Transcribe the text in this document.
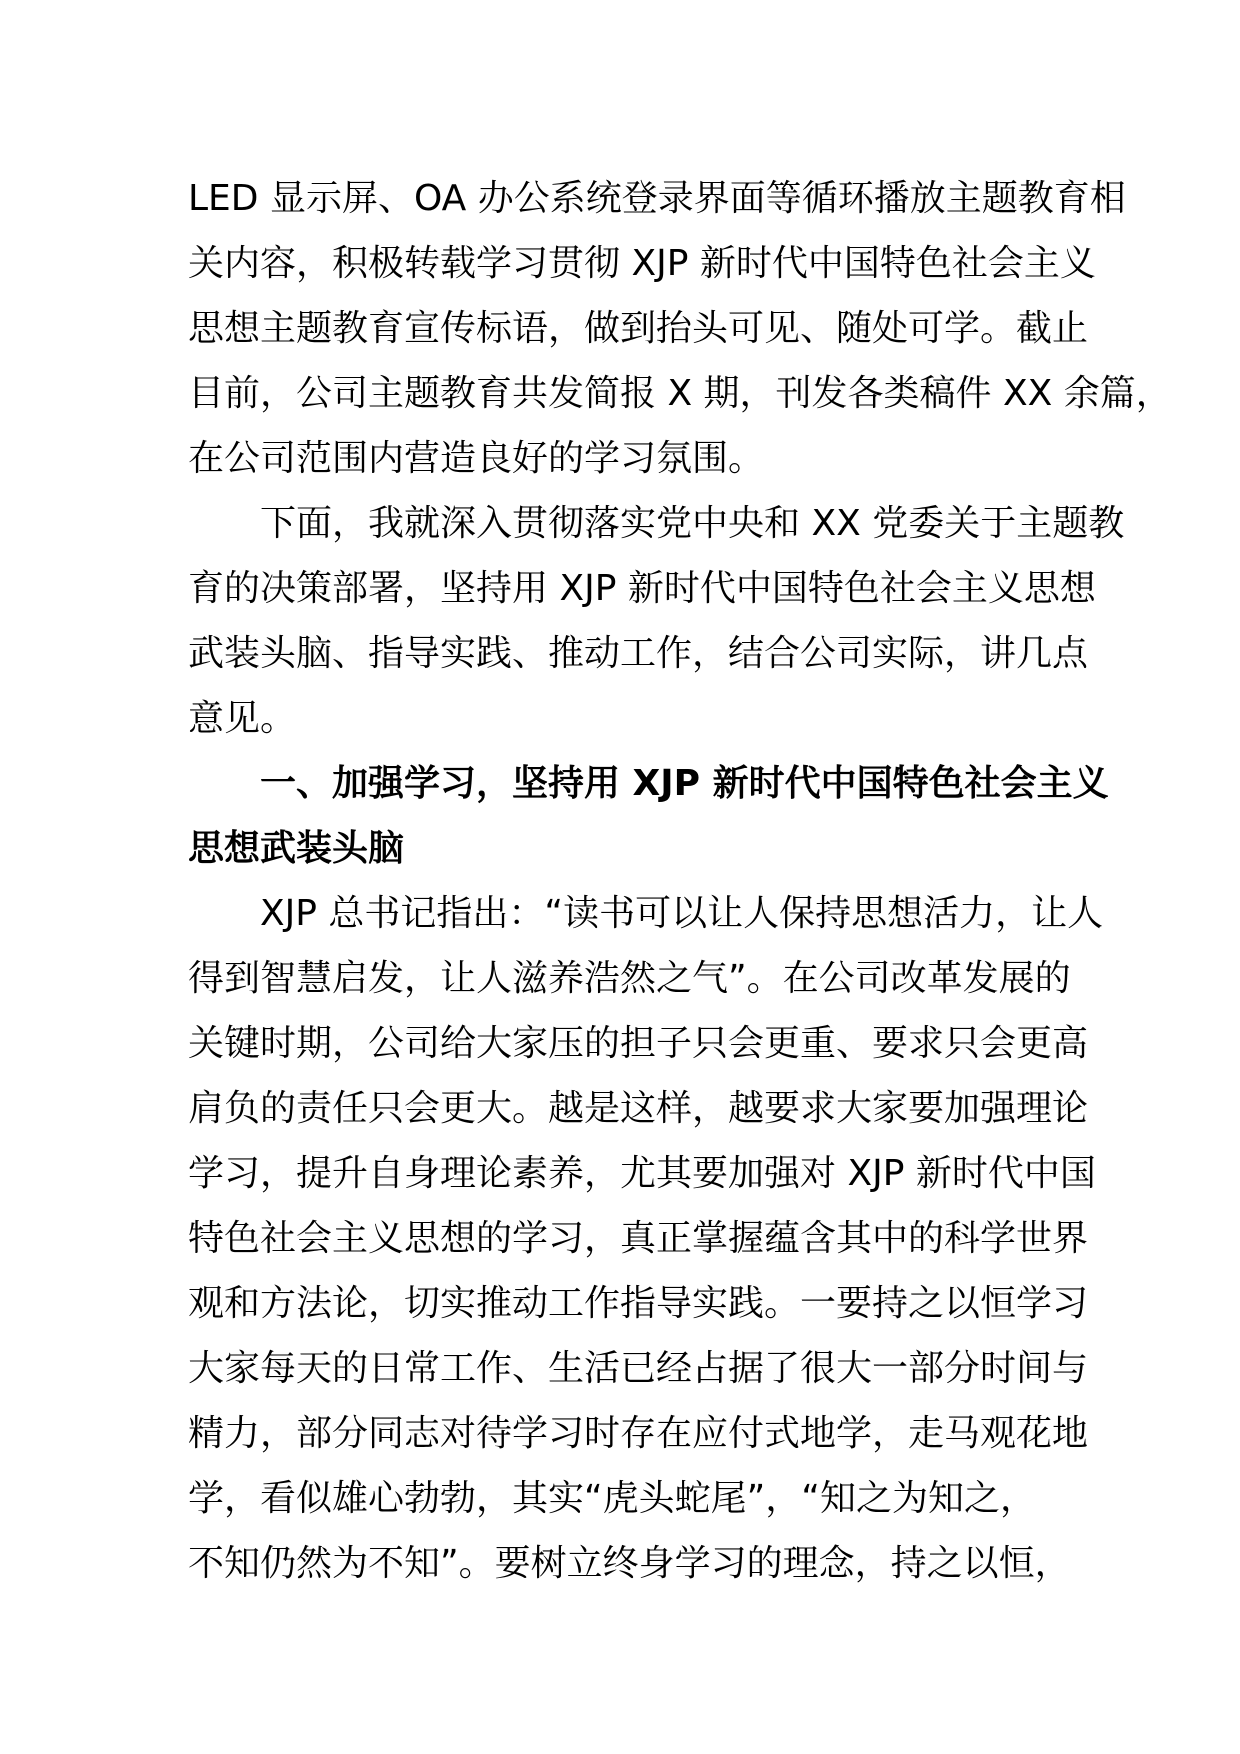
LED 显示屏、OA 办公系统登录界面等循环播放主题教育相
关内容，积极转载学习贯彻 XJP 新时代中国特色社会主义
思想主题教育宣传标语，做到抬头可见、随处可学。截止
目前，公司主题教育共发简报 X 期，刊发各类稿件 XX 余篇，
在公司范围内营造良好的学习氛围。
下面，我就深入贯彻落实党中央和 XX 党委关于主题教
育的决策部署，坚持用 XJP 新时代中国特色社会主义思想
武装头脑、指导实践、推动工作，结合公司实际，讲几点
意见。
一、加强学习，坚持用 XJP 新时代中国特色社会主义
思想武装头脑
XJP 总书记指出：“读书可以让人保持思想活力，让人
得到智慧启发，让人滋养浩然之气”。在公司改革发展的
关键时期，公司给大家压的担子只会更重、要求只会更高
肩负的责任只会更大。越是这样，越要求大家要加强理论
学习，提升自身理论素养，尤其要加强对 XJP 新时代中国
特色社会主义思想的学习，真正掌握蕴含其中的科学世界
观和方法论，切实推动工作指导实践。一要持之以恒学习
大家每天的日常工作、生活已经占据了很大一部分时间与
精力，部分同志对待学习时存在应付式地学，走马观花地
学，看似雄心勃勃，其实“虎头蛇尾”，“知之为知之，
不知仍然为不知”。要树立终身学习的理念，持之以恒，
